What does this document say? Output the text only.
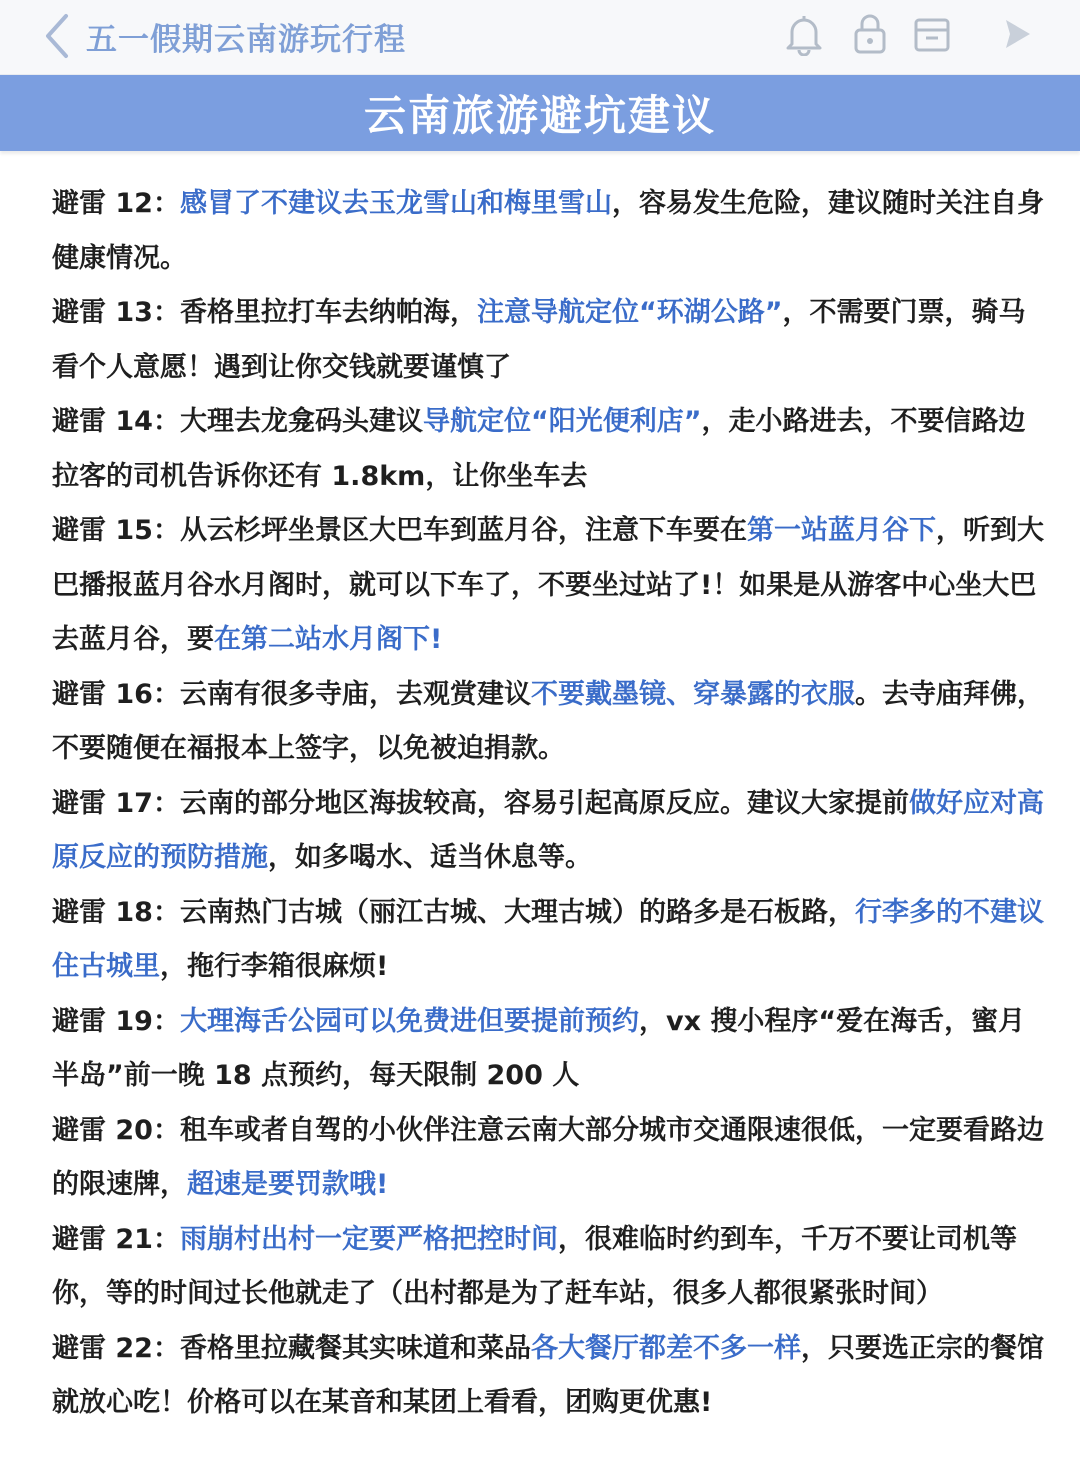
五一假期云南游玩行程
云南旅游避坑建议

避雷 12：感冒了不建议去玉龙雪山和梅里雪山，容易发生危险，建议随时关注自身健康情况。

避雷 13：香格里拉打车去纳帕海，注意导航定位“环湖公路”，不需要门票，骑马　　看个人意愿！遇到让你交钱就要谨慎了

避雷 14：大理去龙龛码头建议导航定位“阳光便利店”，走小路进去，不要信路边拉客的司机告诉你还有 1.8km，让你坐车去

避雷 15：从云杉坪坐景区大巴车到蓝月谷，注意下车要在第一站蓝月谷下，听到大巴播报蓝月谷水月阁时，就可以下车了，不要坐过站了!！如果是从游客中心坐大巴去蓝月谷，要在第二站水月阁下!

避雷 16：云南有很多寺庙，去观赏建议不要戴墨镜、穿暴露的衣服。去寺庙拜佛，不要随便在福报本上签字，以免被迫捐款。

避雷 17：云南的部分地区海拔较高，容易引起高原反应。建议大家提前做好应对高原反应的预防措施，如多喝水、适当休息等。

避雷 18：云南热门古城（丽江古城、大理古城）的路多是石板路，行李多的不建议住古城里，拖行李箱很麻烦!

避雷 19：大理海舌公园可以免费进但要提前预约，vx 搜小程序“爱在海舌，蜜月半岛”前一晚 18 点预约，每天限制 200 人

避雷 20：租车或者自驾的小伙伴注意云南大部分城市交通限速很低，一定要看路边的限速牌，超速是要罚款哦!

避雷 21：雨崩村出村一定要严格把控时间，很难临时约到车，千万不要让司机等你，等的时间过长他就走了（出村都是为了赶车站，很多人都很紧张时间）

避雷 22：香格里拉藏餐其实味道和菜品各大餐厅都差不多一样，只要选正宗的餐馆就放心吃！价格可以在某音和某团上看看，团购更优惠!
